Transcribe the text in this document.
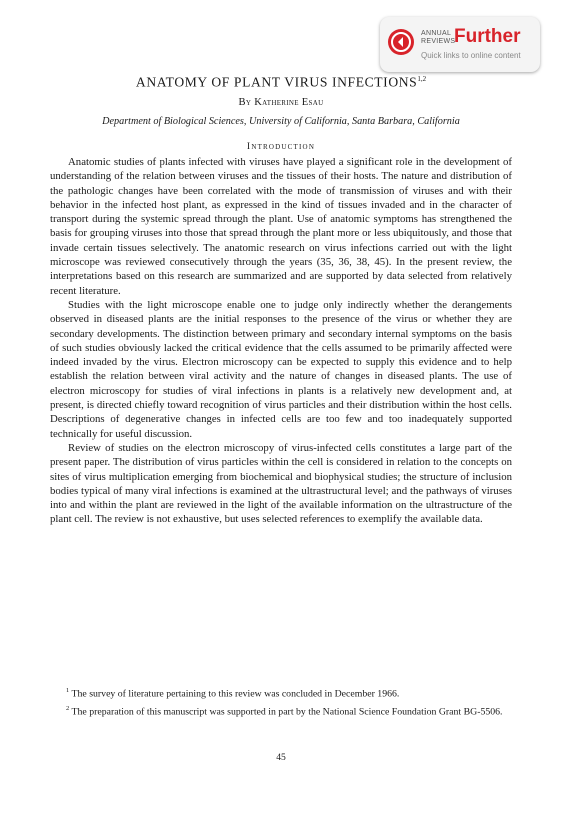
ANNUAL
REVIEWS
Further
Quick links to online content
ANATOMY OF PLANT VIRUS INFECTIONS$^{1,2}$
By Katherine Esau
Department of Biological Sciences, University of California, Santa Barbara, California
Introduction

Anatomic studies of plants infected with viruses have played a significant role in the development of understanding of the relation between viruses and the tissues of their hosts. The nature and distribution of the pathologic changes have been correlated with the mode of transmission of viruses and with their behavior in the infected host plant, as expressed in the kind of tissues invaded and in the character of transport during the systemic spread through the plant. Use of anatomic symptoms has strengthened the basis for grouping viruses into those that spread through the plant more or less ubiquitously, and those that invade certain tissues selectively. The anatomic research on virus infections carried out with the light microscope was reviewed consecutively through the years (35, 36, 38, 45). In the present review, the interpretations based on this research are summarized and are supported by data selected from relatively recent literature.

Studies with the light microscope enable one to judge only indirectly whether the derangements observed in diseased plants are the initial responses to the presence of the virus or whether they are secondary developments. The distinction between primary and secondary internal symptoms on the basis of such studies obviously lacked the critical evidence that the cells assumed to be primarily affected were indeed invaded by the virus. Electron microscopy can be expected to supply this evidence and to help establish the relation between viral activity and the nature of changes in diseased plants. The use of electron microscopy for studies of viral infections in plants is a relatively new development and, at present, is directed chiefly toward recognition of virus particles and their distribution within the host cells. Descriptions of degenerative changes in infected cells are too few and too inadequately supported technically for useful discussion.

Review of studies on the electron microscopy of virus-infected cells constitutes a large part of the present paper. The distribution of virus particles within the cell is considered in relation to the concepts on sites of virus multiplication emerging from biochemical and biophysical studies; the structure of inclusion bodies typical of many viral infections is examined at the ultrastructural level; and the pathways of viruses into and within the plant are reviewed in the light of the available information on the ultrastructure of the plant cell. The review is not exhaustive, but uses selected references to exemplify the available data.

$^1$ The survey of literature pertaining to this review was concluded in December 1966.

$^2$ The preparation of this manuscript was supported in part by the National Science Foundation Grant BG-5506.

45
